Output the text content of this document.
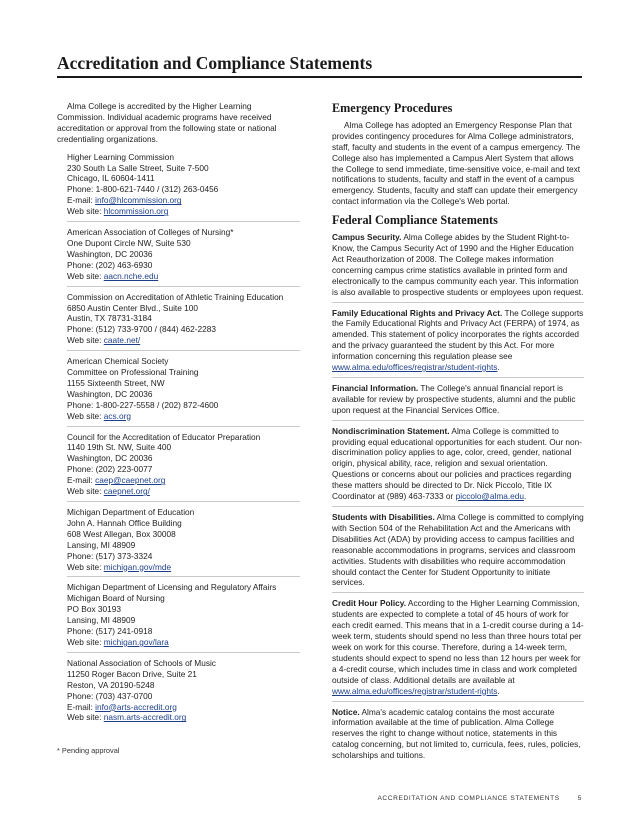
Accreditation and Compliance Statements

Alma College is accredited by the Higher Learning Commission. Individual academic programs have received accreditation or approval from the following state or national credentialing organizations.

Higher Learning Commission
230 South La Salle Street, Suite 7-500
Chicago, IL 60604-1411
Phone: 1-800-621-7440 / (312) 263-0456
E-mail: info@hlcommission.org
Web site: hlcommission.org
American Association of Colleges of Nursing*
One Dupont Circle NW, Suite 530
Washington, DC 20036
Phone: (202) 463-6930
Web site: aacn.nche.edu
Commission on Accreditation of Athletic Training Education
6850 Austin Center Blvd., Suite 100
Austin, TX 78731-3184
Phone: (512) 733-9700 / (844) 462-2283
Web site: caate.net/
American Chemical Society
Committee on Professional Training
1155 Sixteenth Street, NW
Washington, DC 20036
Phone: 1-800-227-5558 / (202) 872-4600
Web site: acs.org
Council for the Accreditation of Educator Preparation
1140 19th St. NW, Suite 400
Washington, DC 20036
Phone: (202) 223-0077
E-mail: caep@caepnet.org
Web site: caepnet.org/
Michigan Department of Education
John A. Hannah Office Building
608 West Allegan, Box 30008
Lansing, MI 48909
Phone: (517) 373-3324
Web site: michigan.gov/mde
Michigan Department of Licensing and Regulatory Affairs
Michigan Board of Nursing
PO Box 30193
Lansing, MI 48909
Phone: (517) 241-0918
Web site: michigan.gov/lara
National Association of Schools of Music
11250 Roger Bacon Drive, Suite 21
Reston, VA 20190-5248
Phone: (703) 437-0700
E-mail: info@arts-accredit.org
Web site: nasm.arts-accredit.org
Emergency Procedures

Alma College has adopted an Emergency Response Plan that provides contingency procedures for Alma College administrators, staff, faculty and students in the event of a campus emergency. The College also has implemented a Campus Alert System that allows the College to send immediate, time-sensitive voice, e-mail and text notifications to students, faculty and staff in the event of a campus emergency. Students, faculty and staff can update their emergency contact information via the College's Web portal.

Federal Compliance Statements

Campus Security. Alma College abides by the Student Right-to-Know, the Campus Security Act of 1990 and the Higher Education Act Reauthorization of 2008. The College makes information concerning campus crime statistics available in printed form and electronically to the campus community each year. This information is also available to prospective students or employees upon request.

Family Educational Rights and Privacy Act. The College supports the Family Educational Rights and Privacy Act (FERPA) of 1974, as amended. This statement of policy incorporates the rights accorded and the privacy guaranteed the student by this Act. For more information concerning this regulation please see www.alma.edu/offices/registrar/student-rights.

Financial Information. The College's annual financial report is available for review by prospective students, alumni and the public upon request at the Financial Services Office.

Nondiscrimination Statement. Alma College is committed to providing equal educational opportunities for each student. Our non-discrimination policy applies to age, color, creed, gender, national origin, physical ability, race, religion and sexual orientation. Questions or concerns about our policies and practices regarding these matters should be directed to Dr. Nick Piccolo, Title IX Coordinator at (989) 463-7333 or piccolo@alma.edu.

Students with Disabilities. Alma College is committed to complying with Section 504 of the Rehabilitation Act and the Americans with Disabilities Act (ADA) by providing access to campus facilities and reasonable accommodations in programs, services and classroom activities. Students with disabilities who require accommodation should contact the Center for Student Opportunity to initiate services.

Credit Hour Policy. According to the Higher Learning Commission, students are expected to complete a total of 45 hours of work for each credit earned. This means that in a 1-credit course during a 14-week term, students should spend no less than three hours total per week on work for this course. Therefore, during a 14-week term, students should expect to spend no less than 12 hours per week for a 4-credit course, which includes time in class and work completed outside of class. Additional details are available at www.alma.edu/offices/registrar/student-rights.

Notice. Alma's academic catalog contains the most accurate information available at the time of publication. Alma College reserves the right to change without notice, statements in this catalog concerning, but not limited to, curricula, fees, rules, policies, scholarships and tuitions.

* Pending approval
ACCREDITATION AND COMPLIANCE STATEMENTS	5
